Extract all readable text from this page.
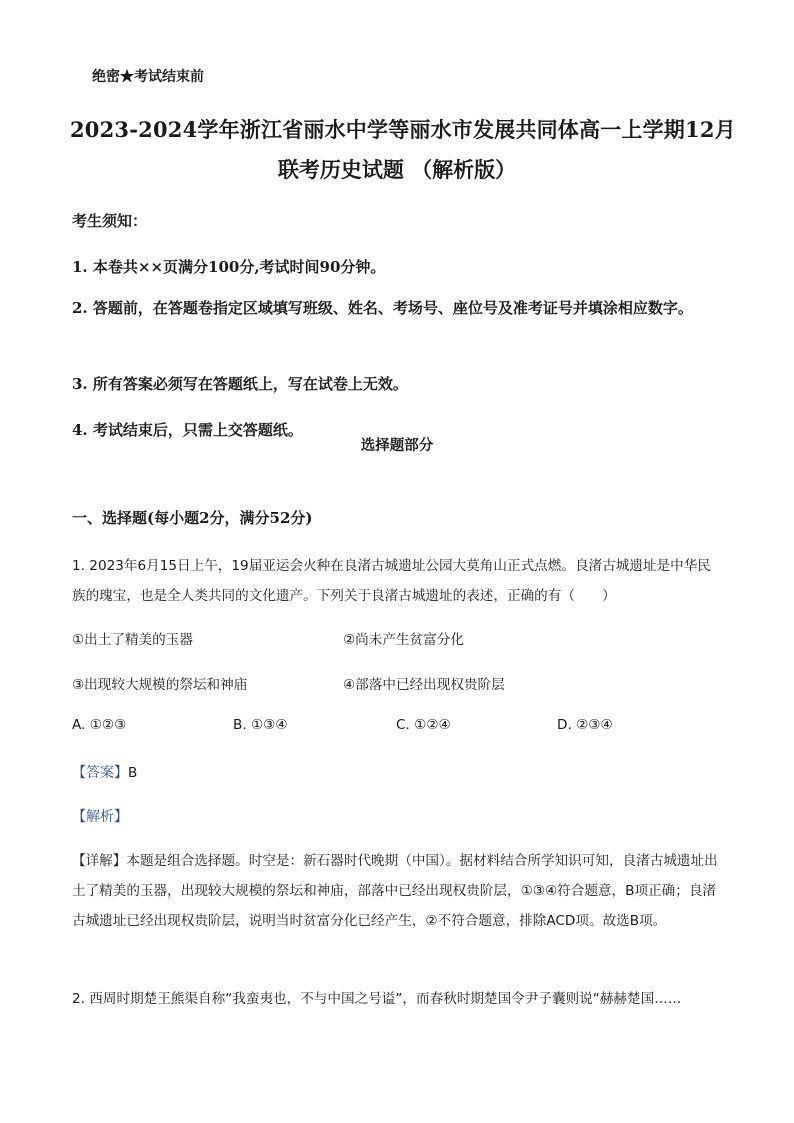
绝密★考试结束前
2023-2024学年浙江省丽水中学等丽水市发展共同体高一上学期12月
联考历史试题 （解析版）
考生须知：
1. 本卷共××页满分100分,考试时间90分钟。
2. 答题前，在答题卷指定区域填写班级、姓名、考场号、座位号及准考证号并填涂相应数字。
3. 所有答案必须写在答题纸上，写在试卷上无效。
4. 考试结束后，只需上交答题纸。
选择题部分
一、选择题(每小题2分，满分52分)
1. 2023年6月15日上午，19届亚运会火种在良渚古城遗址公园大莫角山正式点燃。良渚古城遗址是中华民族的瑰宝，也是全人类共同的文化遗产。下列关于良渚古城遗址的表述，正确的有（　　）
①出土了精美的玉器	②尚未产生贫富分化
③出现较大规模的祭坛和神庙	④部落中已经出现权贵阶层
A. ①②③	B. ①③④	C. ①②④	D. ②③④
【答案】B
【解析】
【详解】本题是组合选择题。时空是：新石器时代晚期（中国）。据材料结合所学知识可知，良渚古城遗址出土了精美的玉器，出现较大规模的祭坛和神庙，部落中已经出现权贵阶层，①③④符合题意，B项正确；良渚古城遗址已经出现权贵阶层，说明当时贫富分化已经产生，②不符合题意，排除ACD项。故选B项。
2. 西周时期楚王熊渠自称“我蛮夷也，不与中国之号谥”，而春秋时期楚国令尹子囊则说“赫赫楚国……
